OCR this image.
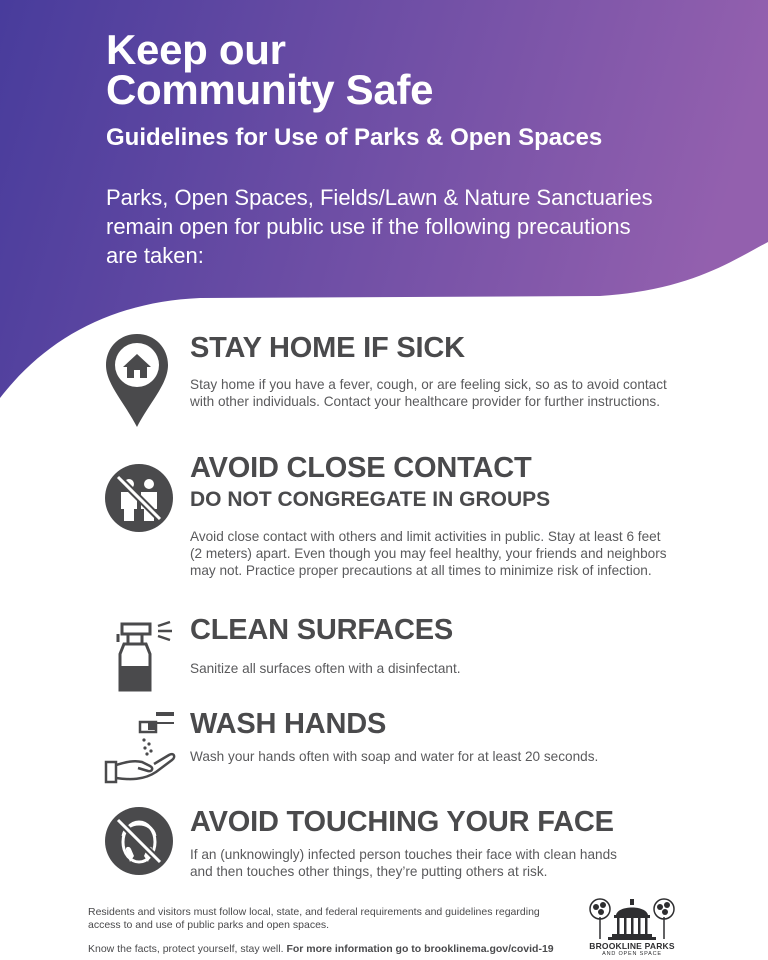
Keep our
Community Safe
Guidelines for Use of Parks & Open Spaces

Parks, Open Spaces, Fields/Lawn & Nature Sanctuaries remain open for public use if the following precautions are taken:

STAY HOME IF SICK

Stay home if you have a fever, cough, or are feeling sick, so as to avoid contact with other individuals. Contact your healthcare provider for further instructions.

AVOID CLOSE CONTACT
DO NOT CONGREGATE IN GROUPS

Avoid close contact with others and limit activities in public. Stay at least 6 feet (2 meters) apart. Even though you may feel healthy, your friends and neighbors may not. Practice proper precautions at all times to minimize risk of infection.

CLEAN SURFACES

Sanitize all surfaces often with a disinfectant.

WASH HANDS

Wash your hands often with soap and water for at least 20 seconds.

AVOID TOUCHING YOUR FACE

If an (unknowingly) infected person touches their face with clean hands and then touches other things, they’re putting others at risk.

Residents and visitors must follow local, state, and federal requirements and guidelines regarding
access to and use of public parks and open spaces.

Know the facts, protect yourself, stay well. For more information go to brooklinema.gov/covid-19	BROOKLINE PARKS
AND OPEN SPACE
